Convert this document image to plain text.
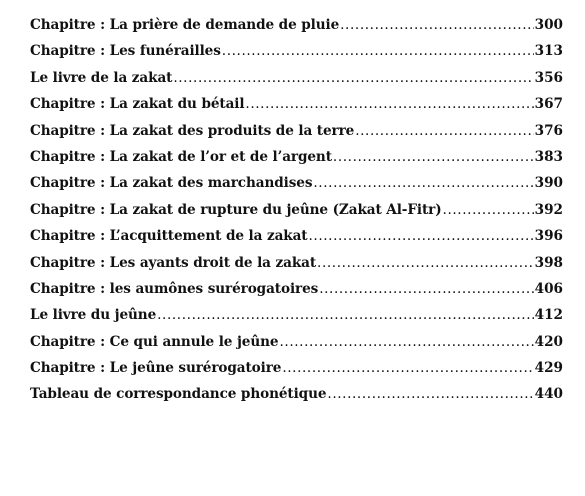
Chapitre : La prière de demande de pluie .....	300
Chapitre : Les funérailles .....	313
Le livre de la zakat .....	356
Chapitre : La zakat du bétail .....	367
Chapitre : La zakat des produits de la terre .....	376
Chapitre : La zakat de l’or et de l’argent .....	383
Chapitre : La zakat des marchandises .....	390
Chapitre : La zakat de rupture du jeûne (Zakat Al-Fitr) .....	392
Chapitre : L’acquittement de la zakat .....	396
Chapitre : Les ayants droit de la zakat .....	398
Chapitre : les aumônes surérogatoires .....	406
Le livre du jeûne .....	412
Chapitre : Ce qui annule le jeûne .....	420
Chapitre : Le jeûne surérogatoire .....	429
Tableau de correspondance phonétique .....	440
